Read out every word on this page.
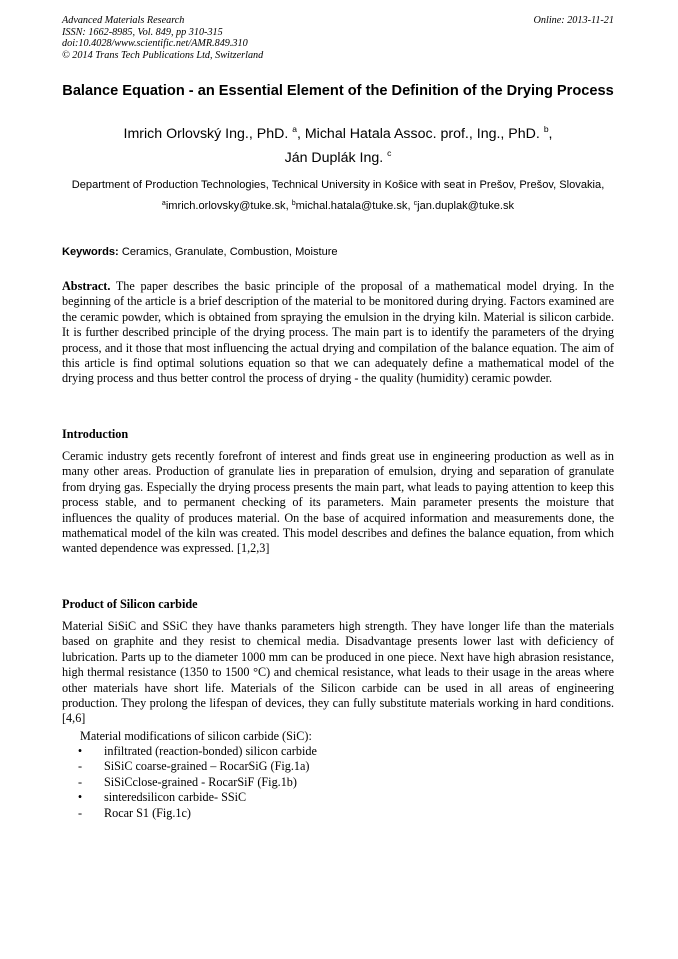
Advanced Materials Research
ISSN: 1662-8985, Vol. 849, pp 310-315
doi:10.4028/www.scientific.net/AMR.849.310
© 2014 Trans Tech Publications Ltd, Switzerland
Online: 2013-11-21
Balance Equation - an Essential Element of the Definition of the Drying Process
Imrich Orlovský Ing., PhD. $^a$, Michal Hatala Assoc. prof., Ing., PhD. $^b$,
Ján Duplák Ing. $^c$
Department of Production Technologies, Technical University in Košice with seat in Prešov, Prešov, Slovakia,
$^a$imrich.orlovsky@tuke.sk, $^b$michal.hatala@tuke.sk, $^c$jan.duplak@tuke.sk
Keywords: Ceramics, Granulate, Combustion, Moisture
Abstract. The paper describes the basic principle of the proposal of a mathematical model drying. In the beginning of the article is a brief description of the material to be monitored during drying. Factors examined are the ceramic powder, which is obtained from spraying the emulsion in the drying kiln. Material is silicon carbide. It is further described principle of the drying process. The main part is to identify the parameters of the drying process, and it those that most influencing the actual drying and compilation of the balance equation. The aim of this article is find optimal solutions equation so that we can adequately define a mathematical model of the drying process and thus better control the process of drying - the quality (humidity) ceramic powder.
Introduction
Ceramic industry gets recently forefront of interest and finds great use in engineering production as well as in many other areas. Production of granulate lies in preparation of emulsion, drying and separation of granulate from drying gas. Especially the drying process presents the main part, what leads to paying attention to keep this process stable, and to permanent checking of its parameters. Main parameter presents the moisture that influences the quality of produces material. On the base of acquired information and measurements done, the mathematical model of the kiln was created. This model describes and defines the balance equation, from which wanted dependence was expressed. [1,2,3]
Product of Silicon carbide
Material SiSiC and SSiC they have thanks parameters high strength. They have longer life than the materials based on graphite and they resist to chemical media. Disadvantage presents lower last with deficiency of lubrication. Parts up to the diameter 1000 mm can be produced in one piece. Next have high abrasion resistance, high thermal resistance (1350 to 1500 °C) and chemical resistance, what leads to their usage in the areas where other materials have short life. Materials of the Silicon carbide can be used in all areas of engineering production. They prolong the lifespan of devices, they can fully substitute materials working in hard conditions. [4,6]
Material modifications of silicon carbide (SiC):
•	infiltrated (reaction-bonded) silicon carbide
-	SiSiC coarse-grained – RocarSiG (Fig.1a)
-	SiSiCclose-grained - RocarSiF (Fig.1b)
•	sinteredsilicon carbide- SSiC
-	Rocar S1 (Fig.1c)
